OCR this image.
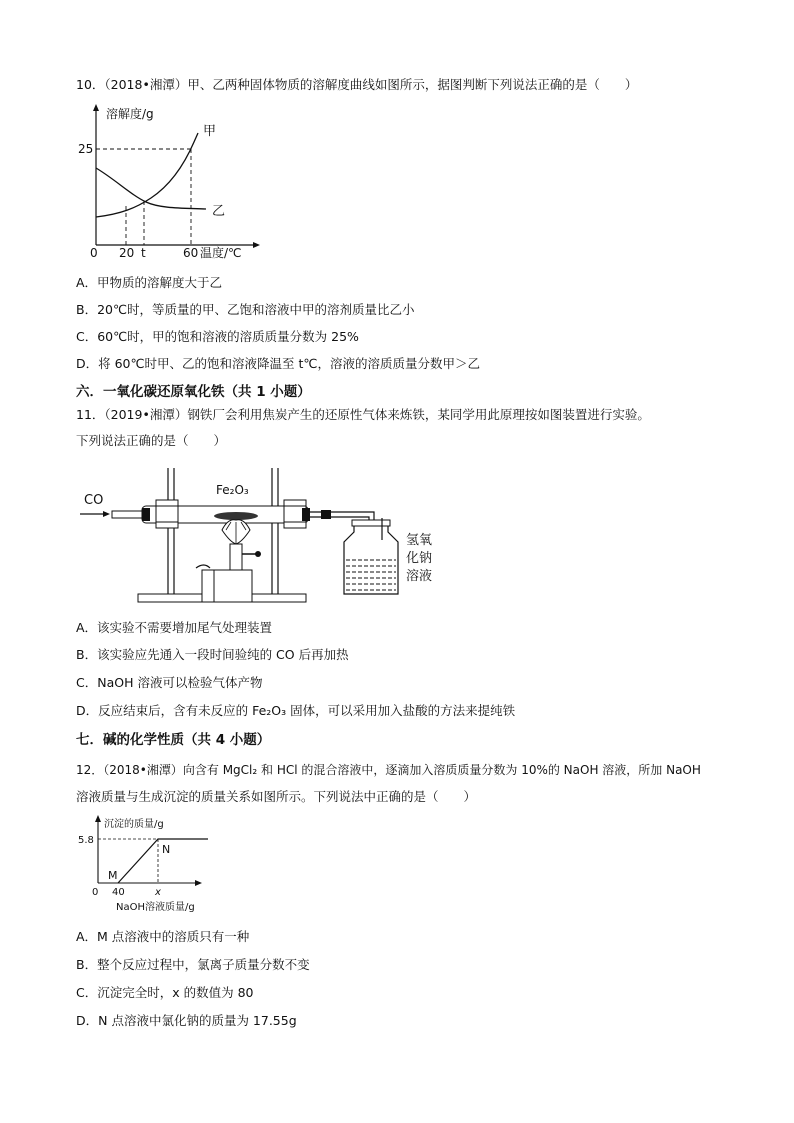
10．（2018•湘潭）甲、乙两种固体物质的溶解度曲线如图所示，据图判断下列说法正确的是（　　）
溶解度/g
甲
乙
25
0 20 t	60 温度/℃
A．甲物质的溶解度大于乙
B．20℃时，等质量的甲、乙饱和溶液中甲的溶剂质量比乙小
C．60℃时，甲的饱和溶液的溶质质量分数为 25%
D．将 60℃时甲、乙的饱和溶液降温至 t℃，溶液的溶质质量分数甲＞乙
六．一氧化碳还原氧化铁（共 1 小题）
11．（2019•湘潭）钢铁厂会利用焦炭产生的还原性气体来炼铁，某同学用此原理按如图装置进行实验。
下列说法正确的是（　　）
CO
Fe₂O₃
氢氧
化钠
溶液
A．该实验不需要增加尾气处理装置
B．该实验应先通入一段时间验纯的 CO 后再加热
C．NaOH 溶液可以检验气体产物
D．反应结束后，含有未反应的 Fe₂O₃ 固体，可以采用加入盐酸的方法来提纯铁
七．碱的化学性质（共 4 小题）
12．（2018•湘潭）向含有 MgCl₂ 和 HCl 的混合溶液中，逐滴加入溶质质量分数为 10%的 NaOH 溶液，所加 NaOH
溶液质量与生成沉淀的质量关系如图所示。下列说法中正确的是（　　）
沉淀的质量/g
5.8
M
N
0 40	x
NaOH溶液质量/g
A．M 点溶液中的溶质只有一种
B．整个反应过程中，氯离子质量分数不变
C．沉淀完全时，x 的数值为 80
D．N 点溶液中氯化钠的质量为 17.55g
